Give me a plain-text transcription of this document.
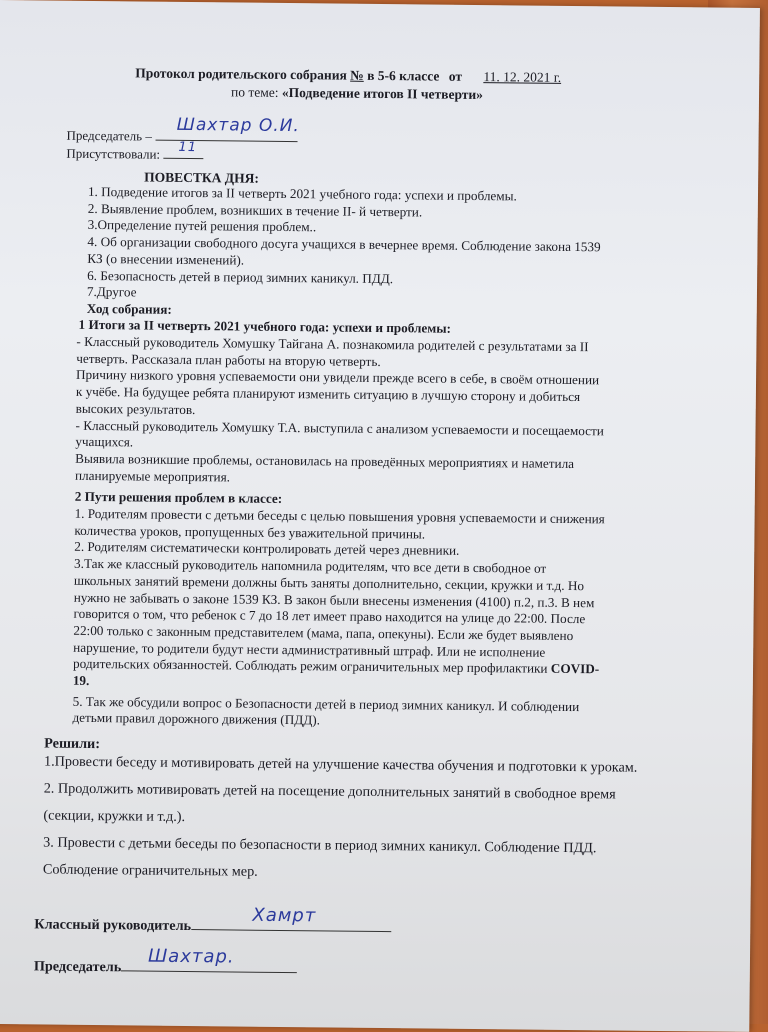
Протокол родительского собрания № в 5-6 классе от 11. 12. 2021 г.
по теме: «Подведение итогов II четверти»
Председатель –	Шахтар О.И.
Присутствовали:	11
ПОВЕСТКА ДНЯ:
1. Подведение итогов за II четверть 2021 учебного года: успехи и проблемы.
2. Выявление проблем, возникших в течение II- й четверти.
3.Определение путей решения проблем..
4. Об организации свободного досуга учащихся в вечернее время. Соблюдение закона 1539
КЗ (о внесении изменений).
6. Безопасность детей в период зимних каникул. ПДД.
7.Другое
Ход собрания:
1 Итоги за II четверть 2021 учебного года: успехи и проблемы:
- Классный руководитель Хомушку Тайгана А. познакомила родителей с результатами за II
четверть. Рассказала план работы на вторую четверть.
Причину низкого уровня успеваемости они увидели прежде всего в себе, в своём отношении
к учёбе. На будущее ребята планируют изменить ситуацию в лучшую сторону и добиться
высоких результатов.
- Классный руководитель Хомушку Т.А. выступила с анализом успеваемости и посещаемости
учащихся.
Выявила возникшие проблемы, остановилась на проведённых мероприятиях и наметила
планируемые мероприятия.
2 Пути решения проблем в классе:
1. Родителям провести с детьми беседы с целью повышения уровня успеваемости и снижения
количества уроков, пропущенных без уважительной причины.
2. Родителям систематически контролировать детей через дневники.
3.Так же классный руководитель напомнила родителям, что все дети в свободное от
школьных занятий времени должны быть заняты дополнительно, секции, кружки и т.д. Но
нужно не забывать о законе 1539 КЗ. В закон были внесены изменения (4100) п.2, п.3. В нем
говорится о том, что ребенок с 7 до 18 лет имеет право находится на улице до 22:00. После
22:00 только с законным представителем (мама, папа, опекуны). Если же будет выявлено
нарушение, то родители будут нести административный штраф. Или не исполнение
родительских обязанностей. Соблюдать режим ограничительных мер профилактики COVID-
19.
5. Так же обсудили вопрос о Безопасности детей в период зимних каникул. И соблюдении
детьми правил дорожного движения (ПДД).
Решили:
1.Провести беседу и мотивировать детей на улучшение качества обучения и подготовки к урокам.
2. Продолжить мотивировать детей на посещение дополнительных занятий в свободное время
(секции, кружки и т.д.).
3. Провести с детьми беседы по безопасности в период зимних каникул. Соблюдение ПДД.
Соблюдение ограничительных мер.
Классный руководитель	Хамрт
Председатель	Шахтар.
